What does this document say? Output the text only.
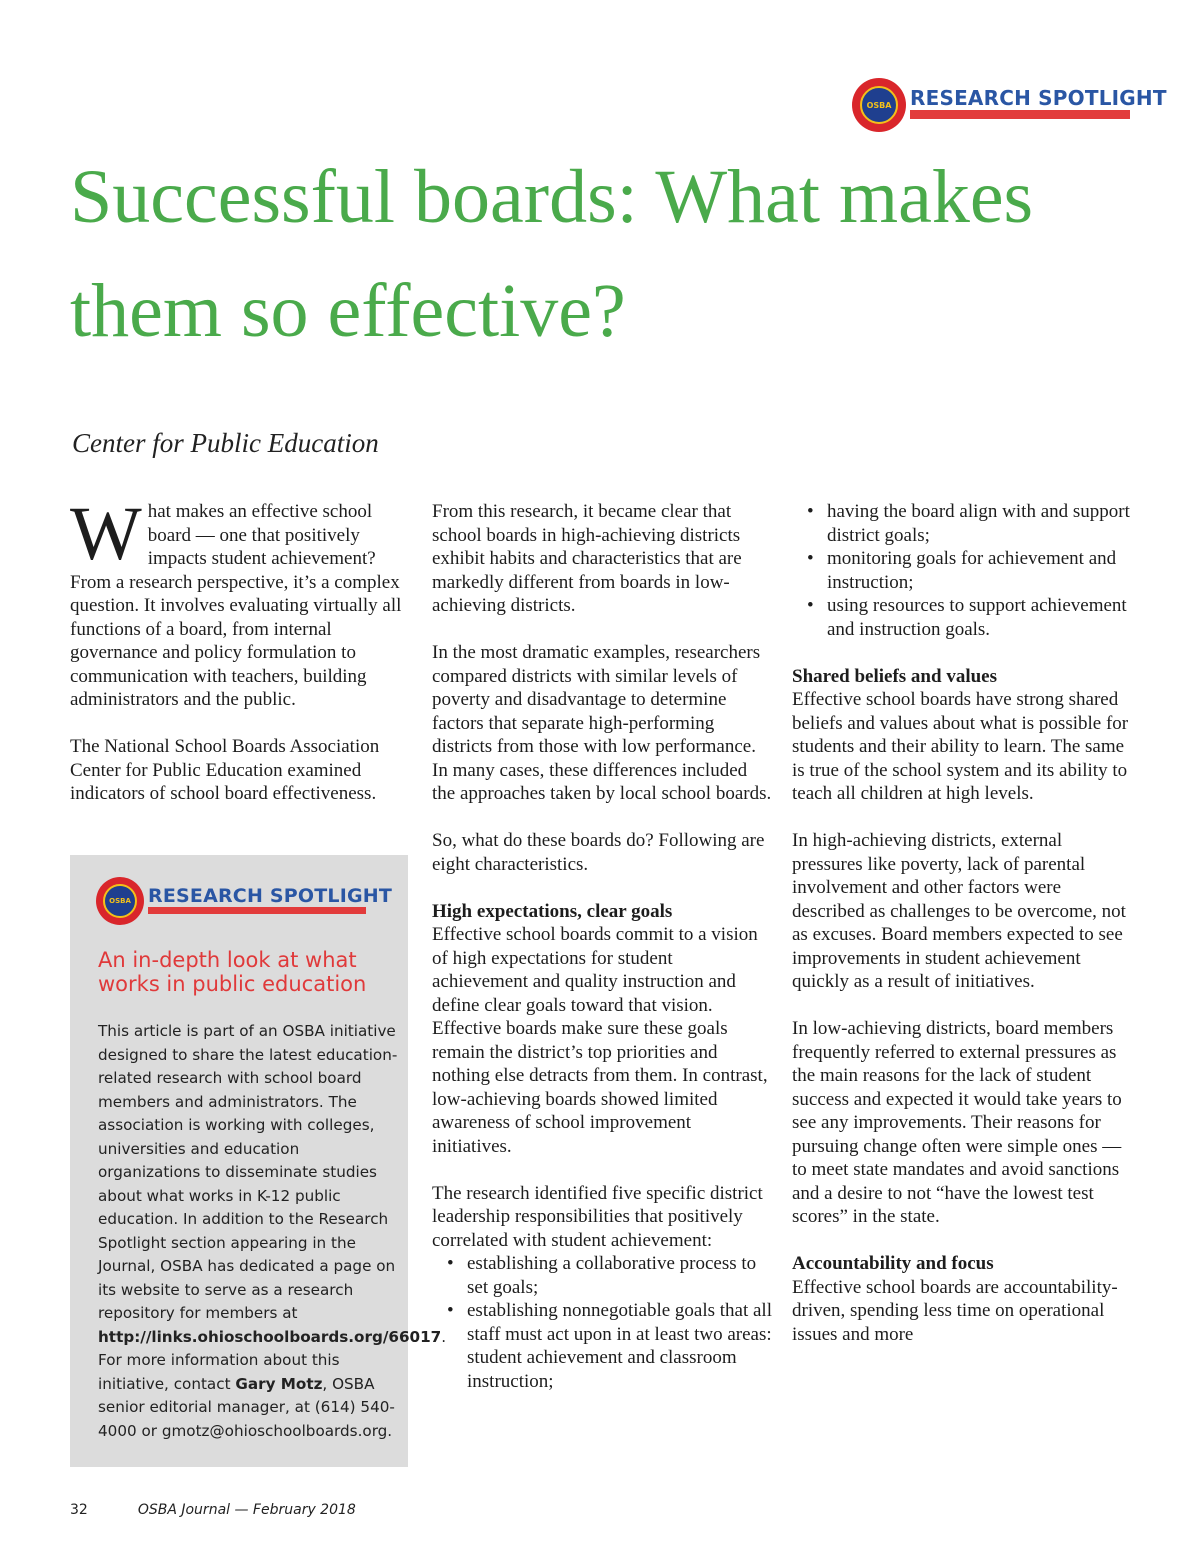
OSBA RESEARCH SPOTLIGHT
Successful boards: What makes them so effective?
Center for Public Education

What makes an effective school board — one that positively impacts student achievement? From a research perspective, it’s a complex question. It involves evaluating virtually all functions of a board, from internal governance and policy formulation to communication with teachers, building administrators and the public.

The National School Boards Association Center for Public Education examined indicators of school board effectiveness.

OSBA RESEARCH SPOTLIGHT
An in-depth look at what works in public education
This article is part of an OSBA initiative designed to share the latest education-related research with school board members and administrators. The association is working with colleges, universities and education organizations to disseminate studies about what works in K-12 public education. In addition to the Research Spotlight section appearing in the Journal, OSBA has dedicated a page on its website to serve as a research repository for members at http://links.ohioschoolboards.org/66017. For more information about this initiative, contact Gary Motz, OSBA senior editorial manager, at (614) 540-4000 or gmotz@ohioschoolboards.org.

From this research, it became clear that school boards in high-achieving districts exhibit habits and characteristics that are markedly different from boards in low-achieving districts.

In the most dramatic examples, researchers compared districts with similar levels of poverty and disadvantage to determine factors that separate high-performing districts from those with low performance. In many cases, these differences included the approaches taken by local school boards.

So, what do these boards do? Following are eight characteristics.

High expectations, clear goals
Effective school boards commit to a vision of high expectations for student achievement and quality instruction and define clear goals toward that vision. Effective boards make sure these goals remain the district’s top priorities and nothing else detracts from them. In contrast, low-achieving boards showed limited awareness of school improvement initiatives.

The research identified five specific district leadership responsibilities that positively correlated with student achievement:

• establishing a collaborative process to set goals;
• establishing nonnegotiable goals that all staff must act upon in at least two areas: student achievement and classroom instruction;
• having the board align with and support district goals;
• monitoring goals for achievement and instruction;
• using resources to support achievement and instruction goals.

Shared beliefs and values
Effective school boards have strong shared beliefs and values about what is possible for students and their ability to learn. The same is true of the school system and its ability to teach all children at high levels.

In high-achieving districts, external pressures like poverty, lack of parental involvement and other factors were described as challenges to be overcome, not as excuses. Board members expected to see improvements in student achievement quickly as a result of initiatives.

In low-achieving districts, board members frequently referred to external pressures as the main reasons for the lack of student success and expected it would take years to see any improvements. Their reasons for pursuing change often were simple ones — to meet state mandates and avoid sanctions and a desire to not “have the lowest test scores” in the state.

Accountability and focus
Effective school boards are accountability-driven, spending less time on operational issues and more

32	OSBA Journal — February 2018
